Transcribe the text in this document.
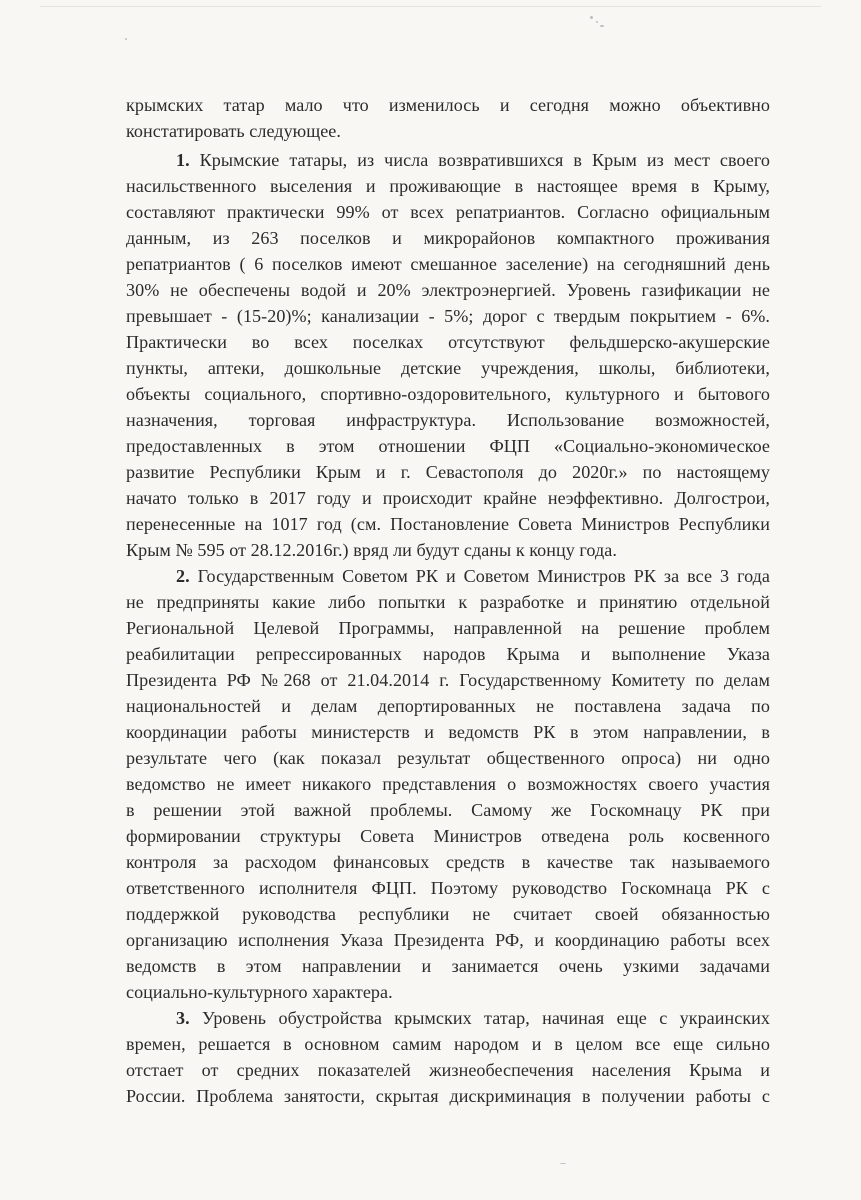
крымских татар мало что изменилось и сегодня можно объективно
констатировать следующее.
1. Крымские татары, из числа возвратившихся в Крым из мест своего
насильственного выселения и проживающие в настоящее время в Крыму,
составляют практически 99% от всех репатриантов. Согласно официальным
данным, из 263 поселков и микрорайонов компактного проживания
репатриантов ( 6 поселков имеют смешанное заселение) на сегодняшний день
30% не обеспечены водой и 20% электроэнергией. Уровень газификации не
превышает - (15-20)%; канализации - 5%; дорог с твердым покрытием - 6%.
Практически во всех поселках отсутствуют фельдшерско-акушерские
пункты, аптеки, дошкольные детские учреждения, школы, библиотеки,
объекты социального, спортивно-оздоровительного, культурного и бытового
назначения, торговая инфраструктура. Использование возможностей,
предоставленных в этом отношении ФЦП «Социально-экономическое
развитие Республики Крым и г. Севастополя до 2020г.» по настоящему
начато только в 2017 году и происходит крайне неэффективно. Долгострои,
перенесенные на 1017 год (см. Постановление Совета Министров Республики
Крым № 595 от 28.12.2016г.) вряд ли будут сданы к концу года.
2. Государственным Советом РК и Советом Министров РК за все 3 года
не предприняты какие либо попытки к разработке и принятию отдельной
Региональной Целевой Программы, направленной на решение проблем
реабилитации репрессированных народов Крыма и выполнение Указа
Президента РФ №268 от 21.04.2014 г. Государственному Комитету по делам
национальностей и делам депортированных не поставлена задача по
координации работы министерств и ведомств РК в этом направлении, в
результате чего (как показал результат общественного опроса) ни одно
ведомство не имеет никакого представления о возможностях своего участия
в решении этой важной проблемы. Самому же Госкомнацу РК при
формировании структуры Совета Министров отведена роль косвенного
контроля за расходом финансовых средств в качестве так называемого
ответственного исполнителя ФЦП. Поэтому руководство Госкомнаца РК с
поддержкой руководства республики не считает своей обязанностью
организацию исполнения Указа Президента РФ, и координацию работы всех
ведомств в этом направлении и занимается очень узкими задачами
социально-культурного характера.
3. Уровень обустройства крымских татар, начиная еще с украинских
времен, решается в основном самим народом и в целом все еще сильно
отстает от средних показателей жизнеобеспечения населения Крыма и
России. Проблема занятости, скрытая дискриминация в получении работы с
